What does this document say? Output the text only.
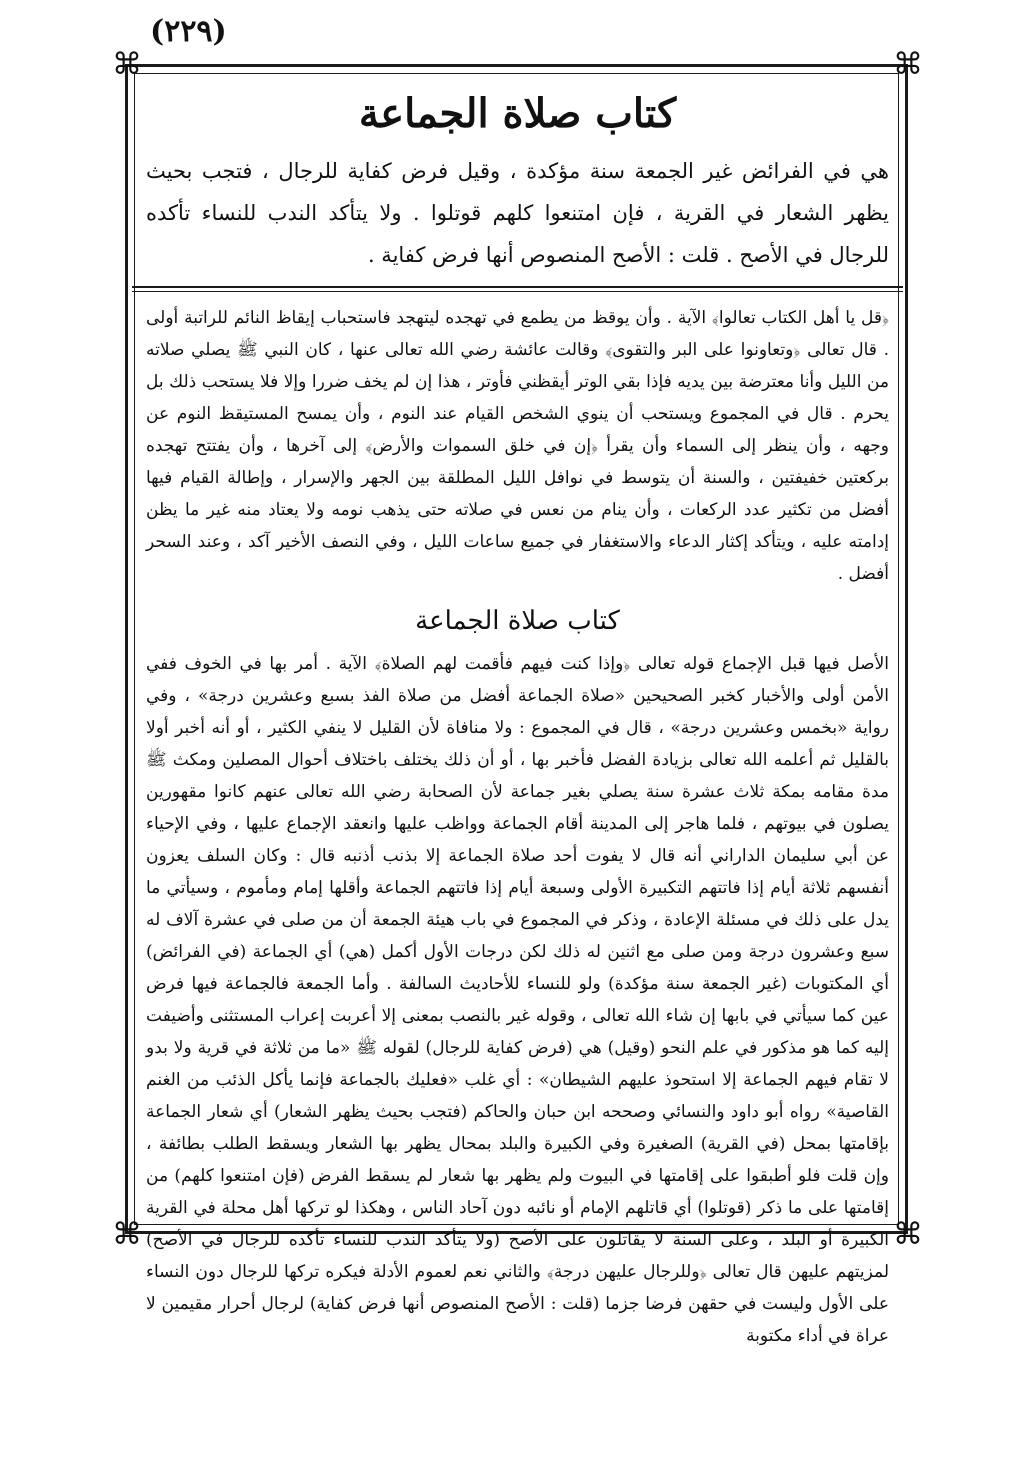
(٢٢٩)
⌘	⌘
⌘	⌘
كتاب صلاة الجماعة
هي في الفرائض غير الجمعة سنة مؤكدة ، وقيل فرض كفاية للرجال ، فتجب بحيث يظهر الشعار في القرية ، فإن امتنعوا كلهم قوتلوا . ولا يتأكد الندب للنساء تأكده للرجال في الأصح . قلت : الأصح المنصوص أنها فرض كفاية .
﴿قل يا أهل الكتاب تعالوا﴾ الآية . وأن يوقظ من يطمع في تهجده ليتهجد فاستحباب إيقاظ النائم للراتبة أولى . قال تعالى ﴿وتعاونوا على البر والتقوى﴾ وقالت عائشة رضي الله تعالى عنها ، كان النبي ﷺ يصلي صلاته من الليل وأنا معترضة بين يديه فإذا بقي الوتر أيقظني فأوتر ، هذا إن لم يخف ضررا وإلا فلا يستحب ذلك بل يحرم . قال في المجموع ويستحب أن ينوي الشخص القيام عند النوم ، وأن يمسح المستيقظ النوم عن وجهه ، وأن ينظر إلى السماء وأن يقرأ ﴿إن في خلق السموات والأرض﴾ إلى آخرها ، وأن يفتتح تهجده بركعتين خفيفتين ، والسنة أن يتوسط في نوافل الليل المطلقة بين الجهر والإسرار ، وإطالة القيام فيها أفضل من تكثير عدد الركعات ، وأن ينام من نعس في صلاته حتى يذهب نومه ولا يعتاد منه غير ما يظن إدامته عليه ، ويتأكد إكثار الدعاء والاستغفار في جميع ساعات الليل ، وفي النصف الأخير آكد ، وعند السحر أفضل .
كتاب صلاة الجماعة
الأصل فيها قبل الإجماع قوله تعالى ﴿وإذا كنت فيهم فأقمت لهم الصلاة﴾ الآية . أمر بها في الخوف ففي الأمن أولى والأخبار كخبر الصحيحين «صلاة الجماعة أفضل من صلاة الفذ بسبع وعشرين درجة» ، وفي رواية «بخمس وعشرين درجة» ، قال في المجموع : ولا منافاة لأن القليل لا ينفي الكثير ، أو أنه أخبر أولا بالقليل ثم أعلمه الله تعالى بزيادة الفضل فأخبر بها ، أو أن ذلك يختلف باختلاف أحوال المصلين ومكث ﷺ مدة مقامه بمكة ثلاث عشرة سنة يصلي بغير جماعة لأن الصحابة رضي الله تعالى عنهم كانوا مقهورين يصلون في بيوتهم ، فلما هاجر إلى المدينة أقام الجماعة وواظب عليها وانعقد الإجماع عليها ، وفي الإحياء عن أبي سليمان الداراني أنه قال لا يفوت أحد صلاة الجماعة إلا بذنب أذنبه قال : وكان السلف يعزون أنفسهم ثلاثة أيام إذا فاتتهم التكبيرة الأولى وسبعة أيام إذا فاتتهم الجماعة وأقلها إمام ومأموم ، وسيأتي ما يدل على ذلك في مسئلة الإعادة ، وذكر في المجموع في باب هيئة الجمعة أن من صلى في عشرة آلاف له سبع وعشرون درجة ومن صلى مع اثنين له ذلك لكن درجات الأول أكمل (هي) أي الجماعة (في الفرائض) أي المكتوبات (غير الجمعة سنة مؤكدة) ولو للنساء للأحاديث السالفة . وأما الجمعة فالجماعة فيها فرض عين كما سيأتي في بابها إن شاء الله تعالى ، وقوله غير بالنصب بمعنى إلا أعربت إعراب المستثنى وأضيفت إليه كما هو مذكور في علم النحو (وقيل) هي (فرض كفاية للرجال) لقوله ﷺ «ما من ثلاثة في قرية ولا بدو لا تقام فيهم الجماعة إلا استحوذ عليهم الشيطان» : أي غلب «فعليك بالجماعة فإنما يأكل الذئب من الغنم القاصية» رواه أبو داود والنسائي وصححه ابن حبان والحاكم (فتجب بحيث يظهر الشعار) أي شعار الجماعة بإقامتها بمحل (في القرية) الصغيرة وفي الكبيرة والبلد بمحال يظهر بها الشعار ويسقط الطلب بطائفة ، وإن قلت فلو أطبقوا على إقامتها في البيوت ولم يظهر بها شعار لم يسقط الفرض (فإن امتنعوا كلهم) من إقامتها على ما ذكر (قوتلوا) أي قاتلهم الإمام أو نائبه دون آحاد الناس ، وهكذا لو تركها أهل محلة في القرية الكبيرة أو البلد ، وعلى السنة لا يقاتلون على الأصح (ولا يتأكد الندب للنساء تأكده للرجال في الأصح) لمزيتهم عليهن قال تعالى ﴿وللرجال عليهن درجة﴾ والثاني نعم لعموم الأدلة فيكره تركها للرجال دون النساء على الأول وليست في حقهن فرضا جزما (قلت : الأصح المنصوص أنها فرض كفاية) لرجال أحرار مقيمين لا عراة في أداء مكتوبة
